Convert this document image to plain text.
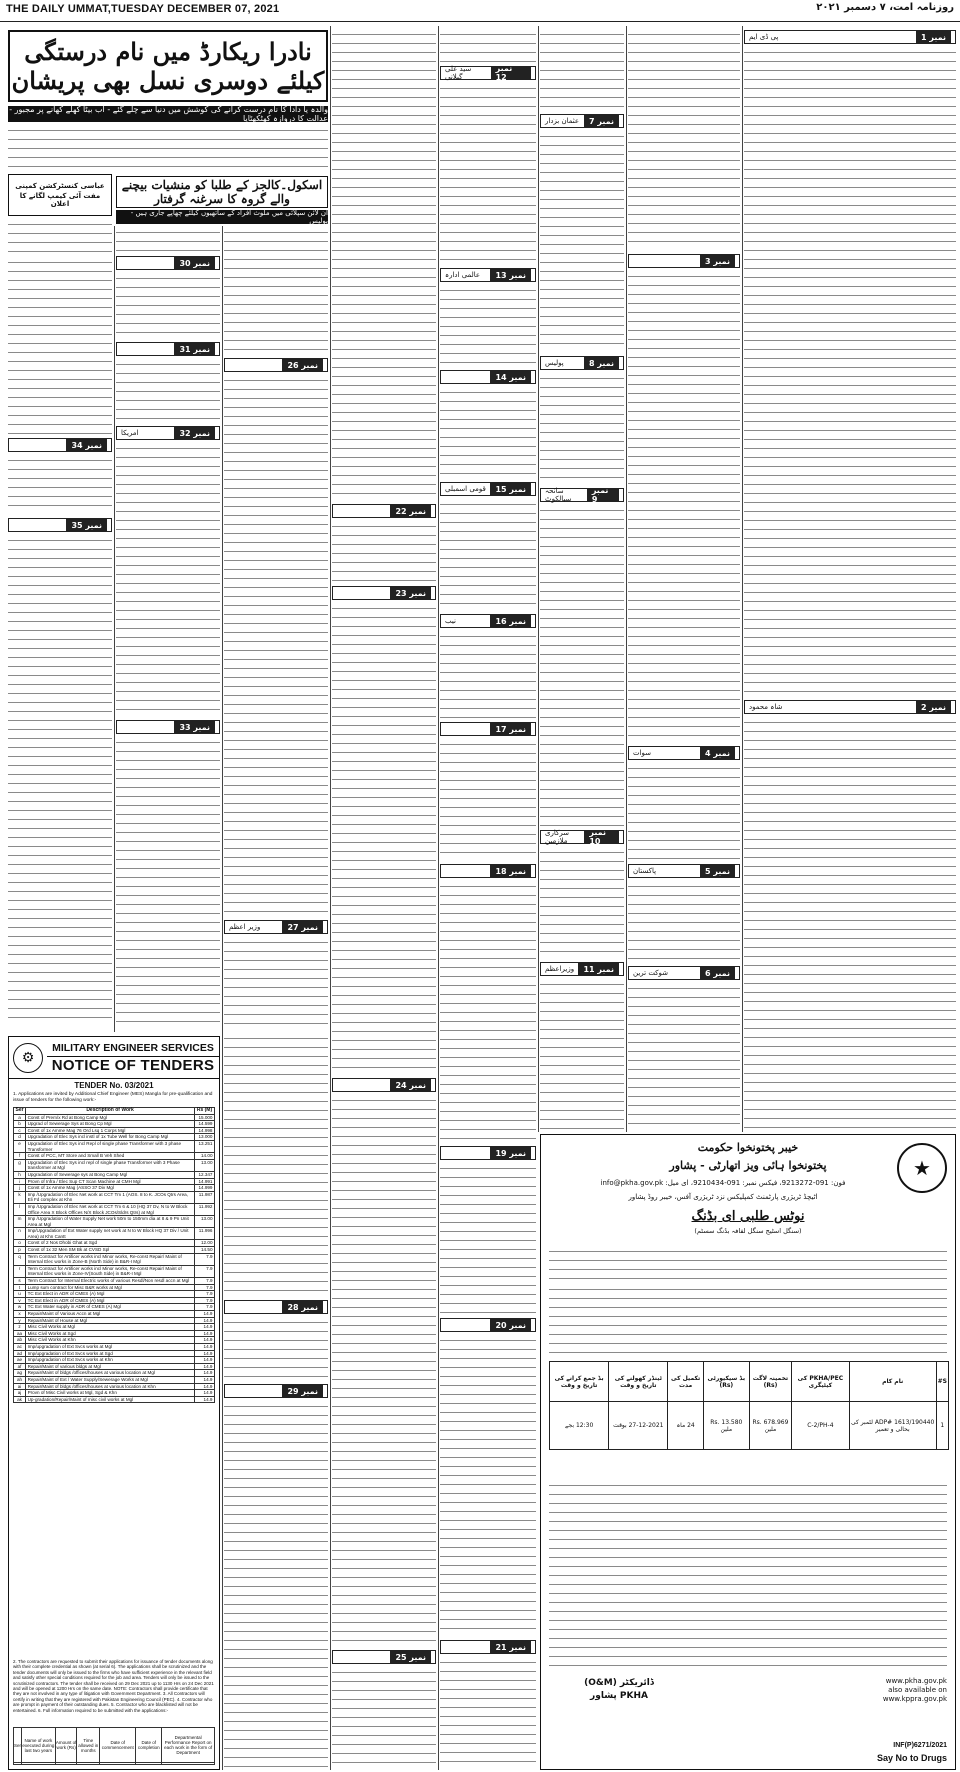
THE DAILY UMMAT,TUESDAY DECEMBER 07, 2021	روزنامہ امت، ۷ دسمبر ۲۰۲۱
نادرا ریکارڈ میں نام درستگی کیلئے دوسری نسل بھی پریشان
والدہ یا دادا کا نام درست کرانے کی کوشش میں دنیا سے چلے گئے - اب بیٹا کھلے کھانے پر مجبور - عدالت کا دروازہ کھٹکھٹایا
عباسی کنسٹرکشن کمپنی
مفت آئی کیمپ لگانے کا اعلان
اسکول۔کالجز کے طلبا کو منشیات بیچنے والے گروہ کا سرغنہ گرفتار
آن لائن سپلائی میں ملوث افراد کے ساتھیوں کیلئے چھاپے جاری ہیں - پولیس
نمبر 34
نمبر 35
نمبر 30
نمبر 31
امریکا	نمبر 32
نمبر 33
نمبر 26
وزیر اعظم	نمبر 27
⚙
MILITARY ENGINEER SERVICES
NOTICE OF TENDERS
TENDER No. 03/2021
1. Applications are invited by Additional Chief Engineer (MES) Mangla for pre-qualification and issue of tenders for the following work:-
Ser	Description of Work	Rs (M)
a	Const of Prem/x Rd at Bong Camp Mgl	15.000
b	Upgrad of Sewerage Sys at Bong Cp Mgl	14.599
c	Const of 1x Amme Mag 76 Ord Lsq 1 Corps Mgl	14.998
d	Upgradation of Elec Sys incl instl of 1x Tube Well for Bong Camp Mgl	13.000
e	Upgradation of Elec Sys incl Repl of single phase Transformer with 3 phase Transformer	13.251
f	Const of PCC, MT Store and Small B Veh Shed	14.00
g	Upgradation of Elec Sys incl repl of single phase Transformer with 3 Phase transformer at Mgl	13.00
h	Upgradation of Sewerage sys at Bong Camp Mgl	12.347
i	Provn of Infra / Elec Sup CT Scan Machine at CMH Mgl	14.991
j	Const of 1x Amme Mag (ASSO 37 Div Mgl	14.999
k	Imp /Upgradation of Elec Net work at CCT Tm 1 (AOS. 8 to K. JCOs Qtrs Area, Eli Fd complex at Khn	11.987
l	Imp /Upgradation of Elec Net work at CCT Tm 6 & 10 (HQ 37 Dv, N to W Block Office Area X Block Offices N/X Block JCOs/Sldrs Qtrs) at Mgl	11.992
m	Imp /Upgradation of Water Supply Net work 50m to 150mm dia at 8 & 9 Pn Unit Area at Mgl	13.00
n	Imp/Upgradation of Ext Water supply net work at N to W Block HQ 37 Div / Unit Area) at Khn Cantt	11.996
o	Const of 2 Nos Dhobi Ghat at Sgd	12.00
p	Const of 1x 32 Men SM Bk at CVSD Spl	14.50
q	Term Contract for Artificer works incl Minor works, Re-const Repair/ Maint of Internal Elec works in Zone-B (North Side) in B&R-I Mgl	7.9
r	Term Contract for Artificer works incl Minor works, Re-const Repair/ Maint of Internal Elec works in Zone-IV(South Side) in B&R-I Mgl	7.9
s	Term Contract for Internal Electric works of various Resdl/Non resdl accn at Mgl	7.9
t	Lump sum contract for Misc B&R works at Mgl	7.9
u	TC Ext Elect in ADR of CMES (A) Mgl	7.9
v	TC Ext Elect in ADR of CMES (A) Mgl	7.9
w	TC Ext Water supply in ADR of CMES (A) Mgl	7.9
x	Repair/Maint of Various Accn at Mgl	14.9
y	Repair/Maint of House at Mgl	14.9
z	Misc Civil Works at Mgl	14.9
aa	Misc Civil Works at Sgd	14.9
ab	Misc Civil Works at Khn	14.9
ac	Imp/upgradation of Ext Svcs works at Mgl	14.9
ad	Imp/upgradation of Ext Svcs works at Sgd	14.9
ae	Imp/upgradation of Ext Svcs works at Khn	14.9
af	Repair/Maint of various bldgs at Mgl	14.9
ag	Repair/Maint of bldgs /offices/houses at various location at Mgl	14.9
ah	Repair/Maint of Ext / Water Supply/Sewerage Works at Mgl	14.9
ai	Repair/Maint of bldgs /offices/houses at various location at Khn	14.9
aj	Provn of Misc Civil works at Mgl, Sgd & Khn	14.9
ak	Up-gradation/Repair/Maint of misc civil works at Mgl	14.9
2. The contractors are requested to submit their applications for issuance of tender documents along with their complete credential as shown (at serial 6). The applications shall be scrutinized and the tender documents will only be issued to the firms who have sufficient experience in the relevant field and satisfy other special conditions required for the job and area. Tenders will only be issued to the scrutinized contractors. The tender shall be received on 29 Dec 2021 up to 1130 Hrs on 24 Dec 2021 and will be opened at 1200 Hrs on the same date. NOTE: Contractors shall provide certificate that they are not involved in any type of litigation with Government Department. 3. All Contractors will certify in writing that they are registered with Pakistan Engineering Council (PEC). 4. Contractor who are prompt in payment of their outstanding dues. 5. Contractor who are blacklisted will not be entertained. 6. Full information required to be submitted with the applications:-
Ser	Name of work executed during last two years	Amount of work (Rs)	Time allowed in months	Date of commencement	Date of completion	Departmental Performance Report on each work in the form of Department

نمبر 28
نمبر 29
نمبر 22
نمبر 23
نمبر 24
نمبر 25
سید علی گیلانی
نمبر 12
عالمی ادارہ	نمبر 13
نمبر 14
قومی اسمبلی	نمبر 15
نیب	نمبر 16
نمبر 17
نمبر 18
نمبر 19
نمبر 20
نمبر 21
عثمان بزدار	نمبر 7
پولیس	نمبر 8
سانحہ سیالکوٹ
نمبر 9
سرکاری ملازمین
نمبر 10
وزیراعظم	نمبر 11
نمبر 3
سوات	نمبر 4
پاکستان	نمبر 5
شوکت ترین	نمبر 6
پی ڈی ایم	نمبر 1
شاہ محمود	نمبر 2
★
خیبر پختونخوا حکومت
پختونخوا ہائی ویز اتھارٹی - پشاور
فون: 091-9213272، فیکس نمبر: 091-9210434، ای میل: info@pkha.gov.pk
اٹیچڈ ٹریژری پارٹمنٹ کمپلیکس نزد ٹریژری آفس، خیبر روڈ پشاور
نوٹس طلبی ای بڈنگ
(سنگل اسٹیج سنگل لفافہ بڈنگ سسٹم)
S#	نام کام	PKHA/PEC کی کیٹیگری	تخمینہ لاگت (Rs)	بڈ سیکیورٹی (Rs)	تکمیل کی مدت	ٹینڈر کھولنے کی تاریخ و وقت	بڈ جمع کرانے کی تاریخ و وقت
1	ADP# 1613/190440 لٹمبر کی بحالی و تعمیر	C-2/PH-4	Rs. 678.969 ملین	Rs. 13.580 ملین	24 ماہ	27-12-2021 بوقت	12:30 بجے
ڈائریکٹر (O&M)
PKHA پشاور
www.pkha.gov.pk
also available on
www.kppra.gov.pk
INF(P)6271/2021
Say No to Drugs
